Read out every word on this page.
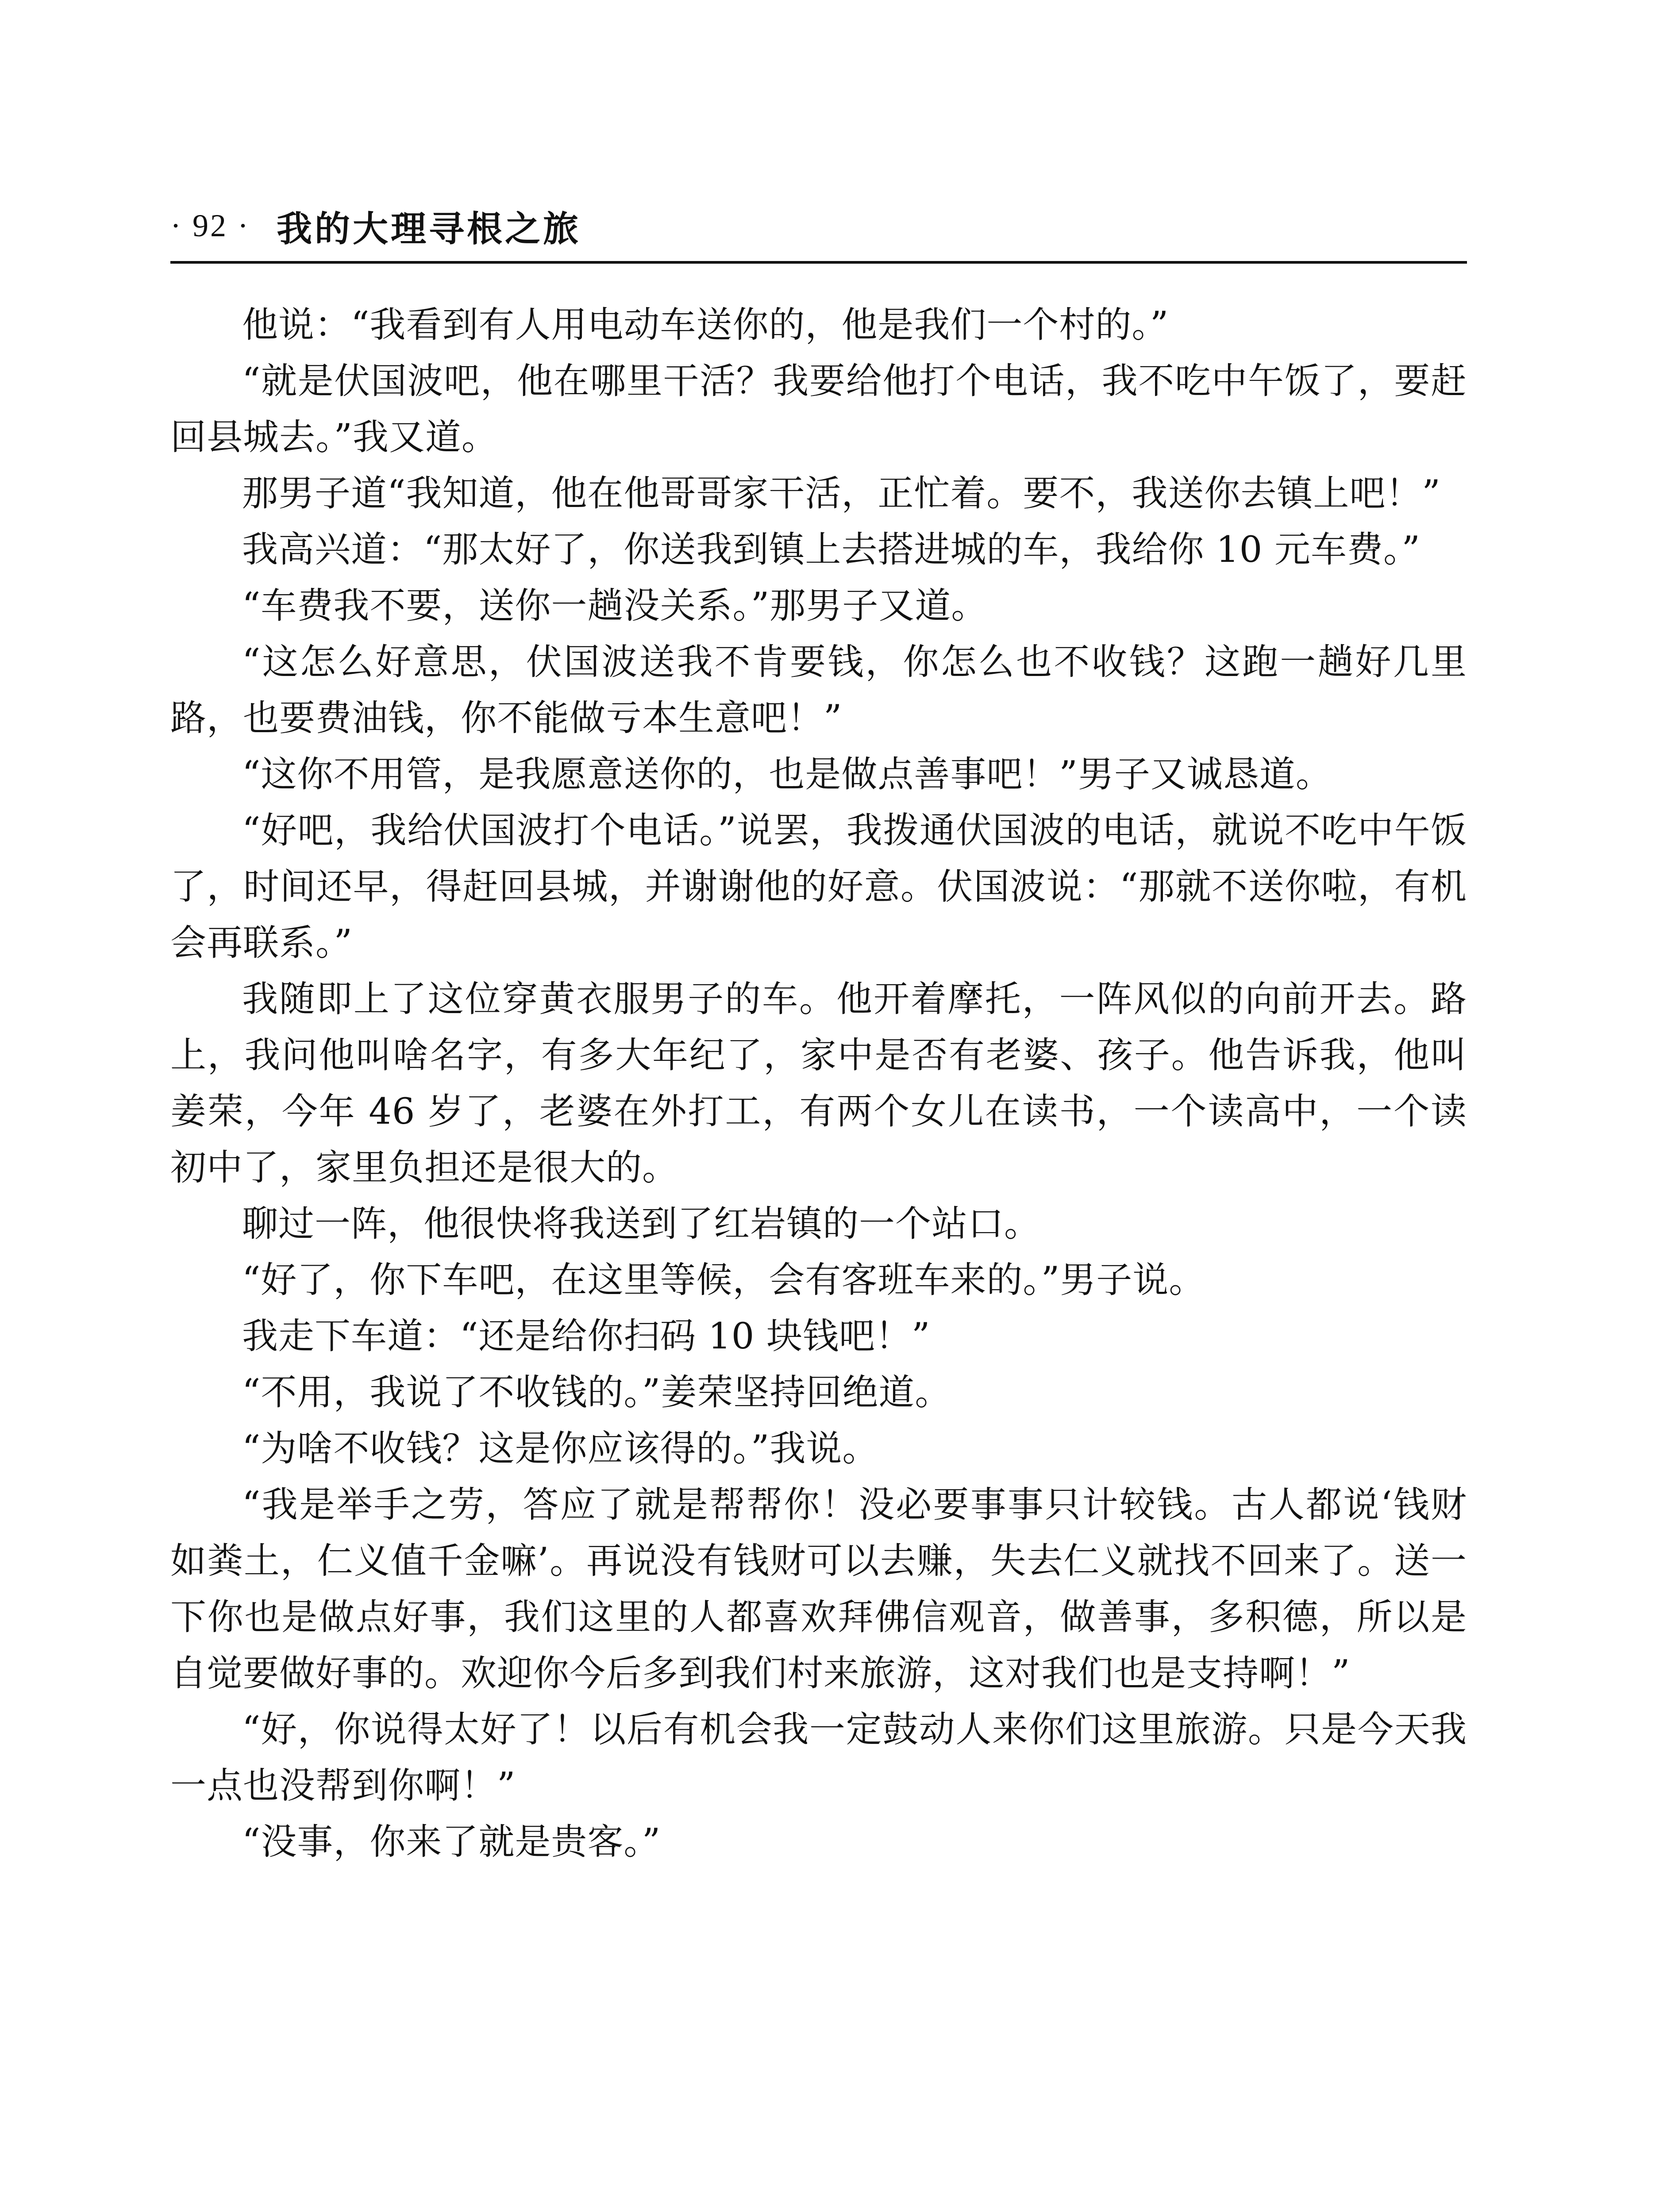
· 92 · 我的大理寻根之旅

他说：“我看到有人用电动车送你的，他是我们一个村的。”

“就是伏国波吧，他在哪里干活？我要给他打个电话，我不吃中午饭了，要赶回县城去。”我又道。

那男子道“我知道，他在他哥哥家干活，正忙着。要不，我送你去镇上吧！”

我高兴道：“那太好了，你送我到镇上去搭进城的车，我给你 10 元车费。”

“车费我不要，送你一趟没关系。”那男子又道。

“这怎么好意思，伏国波送我不肯要钱，你怎么也不收钱？这跑一趟好几里路，也要费油钱，你不能做亏本生意吧！”

“这你不用管，是我愿意送你的，也是做点善事吧！”男子又诚恳道。

“好吧，我给伏国波打个电话。”说罢，我拨通伏国波的电话，就说不吃中午饭了，时间还早，得赶回县城，并谢谢他的好意。伏国波说：“那就不送你啦，有机会再联系。”

我随即上了这位穿黄衣服男子的车。他开着摩托，一阵风似的向前开去。路上，我问他叫啥名字，有多大年纪了，家中是否有老婆、孩子。他告诉我，他叫姜荣，今年 46 岁了，老婆在外打工，有两个女儿在读书，一个读高中，一个读初中了，家里负担还是很大的。

聊过一阵，他很快将我送到了红岩镇的一个站口。

“好了，你下车吧，在这里等候，会有客班车来的。”男子说。

我走下车道：“还是给你扫码 10 块钱吧！”

“不用，我说了不收钱的。”姜荣坚持回绝道。

“为啥不收钱？这是你应该得的。”我说。

“我是举手之劳，答应了就是帮帮你！没必要事事只计较钱。古人都说‘钱财如粪土，仁义值千金嘛’。再说没有钱财可以去赚，失去仁义就找不回来了。送一下你也是做点好事，我们这里的人都喜欢拜佛信观音，做善事，多积德，所以是自觉要做好事的。欢迎你今后多到我们村来旅游，这对我们也是支持啊！”

“好，你说得太好了！以后有机会我一定鼓动人来你们这里旅游。只是今天我一点也没帮到你啊！”

“没事，你来了就是贵客。”
